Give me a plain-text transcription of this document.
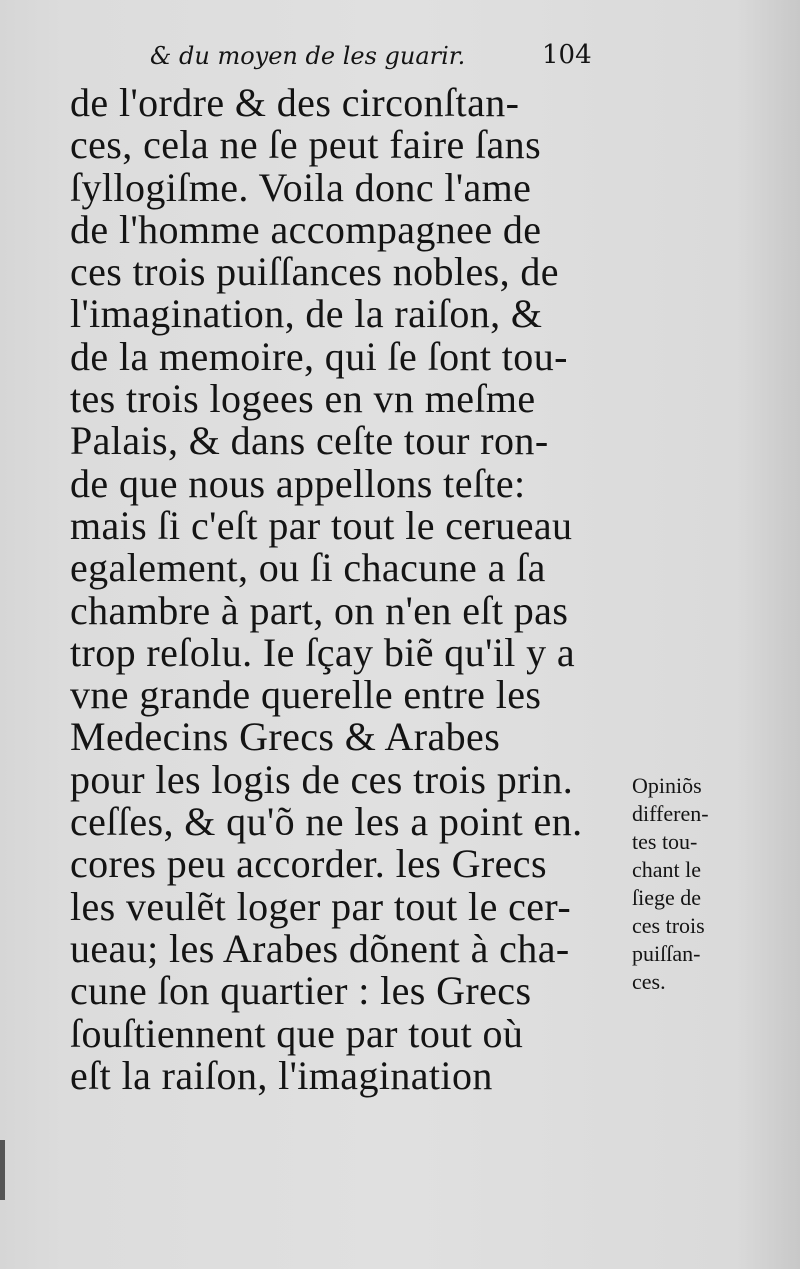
& du moyen de les guarir.	104
de l'ordre & des circonſtan-
ces, cela ne ſe peut faire ſans
ſyllogiſme. Voila donc l'ame
de l'homme accompagnee de
ces trois puiſſances nobles, de
l'imagination, de la raiſon, &
de la memoire, qui ſe ſont tou-
tes trois logees en vn meſme
Palais, & dans ceſte tour ron-
de que nous appellons teſte:
mais ſi c'eſt par tout le cerueau
egalement, ou ſi chacune a ſa
chambre à part, on n'en eſt pas
trop reſolu. Ie ſçay biẽ qu'il y a
vne grande querelle entre les
Medecins Grecs & Arabes
pour les logis de ces trois prin.
ceſſes, & qu'õ ne les a point en.
cores peu accorder. les Grecs
les veulẽt loger par tout le cer-
ueau; les Arabes dõnent à cha-
cune ſon quartier : les Grecs
ſouſtiennent que par tout où
eſt la raiſon, l'imagination
Opiniõs
differen-
tes tou-
chant le
ſiege de
ces trois
puiſſan-
ces.
